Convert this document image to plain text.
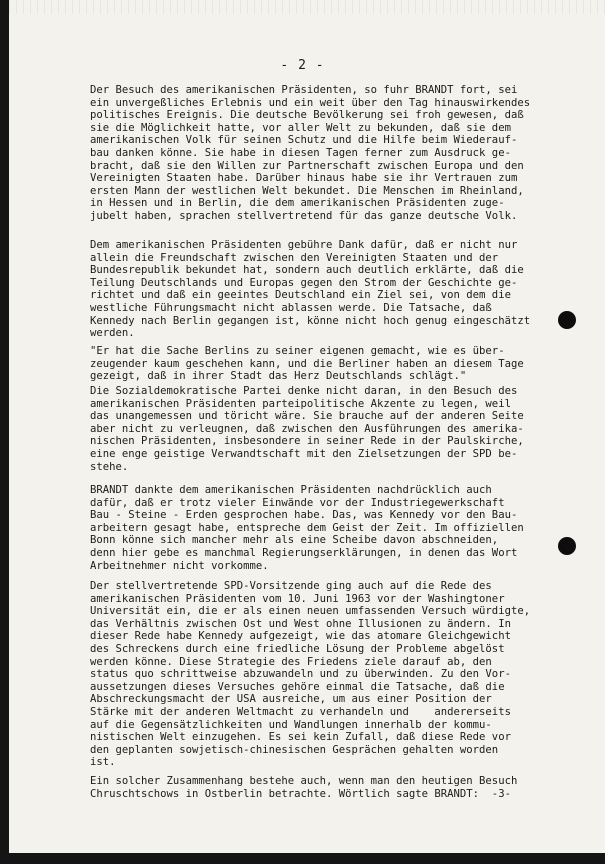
- 2 -
Der Besuch des amerikanischen Präsidenten, so fuhr BRANDT fort, sei
ein unvergeßliches Erlebnis und ein weit über den Tag hinauswirkendes
politisches Ereignis. Die deutsche Bevölkerung sei froh gewesen, daß
sie die Möglichkeit hatte, vor aller Welt zu bekunden, daß sie dem
amerikanischen Volk für seinen Schutz und die Hilfe beim Wiederauf-
bau danken könne. Sie habe in diesen Tagen ferner zum Ausdruck ge-
bracht, daß sie den Willen zur Partnerschaft zwischen Europa und den
Vereinigten Staaten habe. Darüber hinaus habe sie ihr Vertrauen zum
ersten Mann der westlichen Welt bekundet. Die Menschen im Rheinland,
in Hessen und in Berlin, die dem amerikanischen Präsidenten zuge-
jubelt haben, sprachen stellvertretend für das ganze deutsche Volk.
Dem amerikanischen Präsidenten gebühre Dank dafür, daß er nicht nur
allein die Freundschaft zwischen den Vereinigten Staaten und der
Bundesrepublik bekundet hat, sondern auch deutlich erklärte, daß die
Teilung Deutschlands und Europas gegen den Strom der Geschichte ge-
richtet und daß ein geeintes Deutschland ein Ziel sei, von dem die
westliche Führungsmacht nicht ablassen werde. Die Tatsache, daß
Kennedy nach Berlin gegangen ist, könne nicht hoch genug eingeschätzt
werden.
"Er hat die Sache Berlins zu seiner eigenen gemacht, wie es über-
zeugender kaum geschehen kann, und die Berliner haben an diesem Tage
gezeigt, daß in ihrer Stadt das Herz Deutschlands schlägt."
Die Sozialdemokratische Partei denke nicht daran, in den Besuch des
amerikanischen Präsidenten parteipolitische Akzente zu legen, weil
das unangemessen und töricht wäre. Sie brauche auf der anderen Seite
aber nicht zu verleugnen, daß zwischen den Ausführungen des amerika-
nischen Präsidenten, insbesondere in seiner Rede in der Paulskirche,
eine enge geistige Verwandtschaft mit den Zielsetzungen der SPD be-
stehe.
BRANDT dankte dem amerikanischen Präsidenten nachdrücklich auch
dafür, daß er trotz vieler Einwände vor der Industriegewerkschaft
Bau - Steine - Erden gesprochen habe. Das, was Kennedy vor den Bau-
arbeitern gesagt habe, entspreche dem Geist der Zeit. Im offiziellen
Bonn könne sich mancher mehr als eine Scheibe davon abschneiden,
denn hier gebe es manchmal Regierungserklärungen, in denen das Wort
Arbeitnehmer nicht vorkomme.
Der stellvertretende SPD-Vorsitzende ging auch auf die Rede des
amerikanischen Präsidenten vom 10. Juni 1963 vor der Washingtoner
Universität ein, die er als einen neuen umfassenden Versuch würdigte,
das Verhältnis zwischen Ost und West ohne Illusionen zu ändern. In
dieser Rede habe Kennedy aufgezeigt, wie das atomare Gleichgewicht
des Schreckens durch eine friedliche Lösung der Probleme abgelöst
werden könne. Diese Strategie des Friedens ziele darauf ab, den
status quo schrittweise abzuwandeln und zu überwinden. Zu den Vor-
aussetzungen dieses Versuches gehöre einmal die Tatsache, daß die
Abschreckungsmacht der USA ausreiche, um aus einer Position der
Stärke mit der anderen Weltmacht zu verhandeln und    andererseits
auf die Gegensätzlichkeiten und Wandlungen innerhalb der kommu-
nistischen Welt einzugehen. Es sei kein Zufall, daß diese Rede vor
den geplanten sowjetisch-chinesischen Gesprächen gehalten worden
ist.
Ein solcher Zusammenhang bestehe auch, wenn man den heutigen Besuch
Chruschtschows in Ostberlin betrachte. Wörtlich sagte BRANDT:  -3-
